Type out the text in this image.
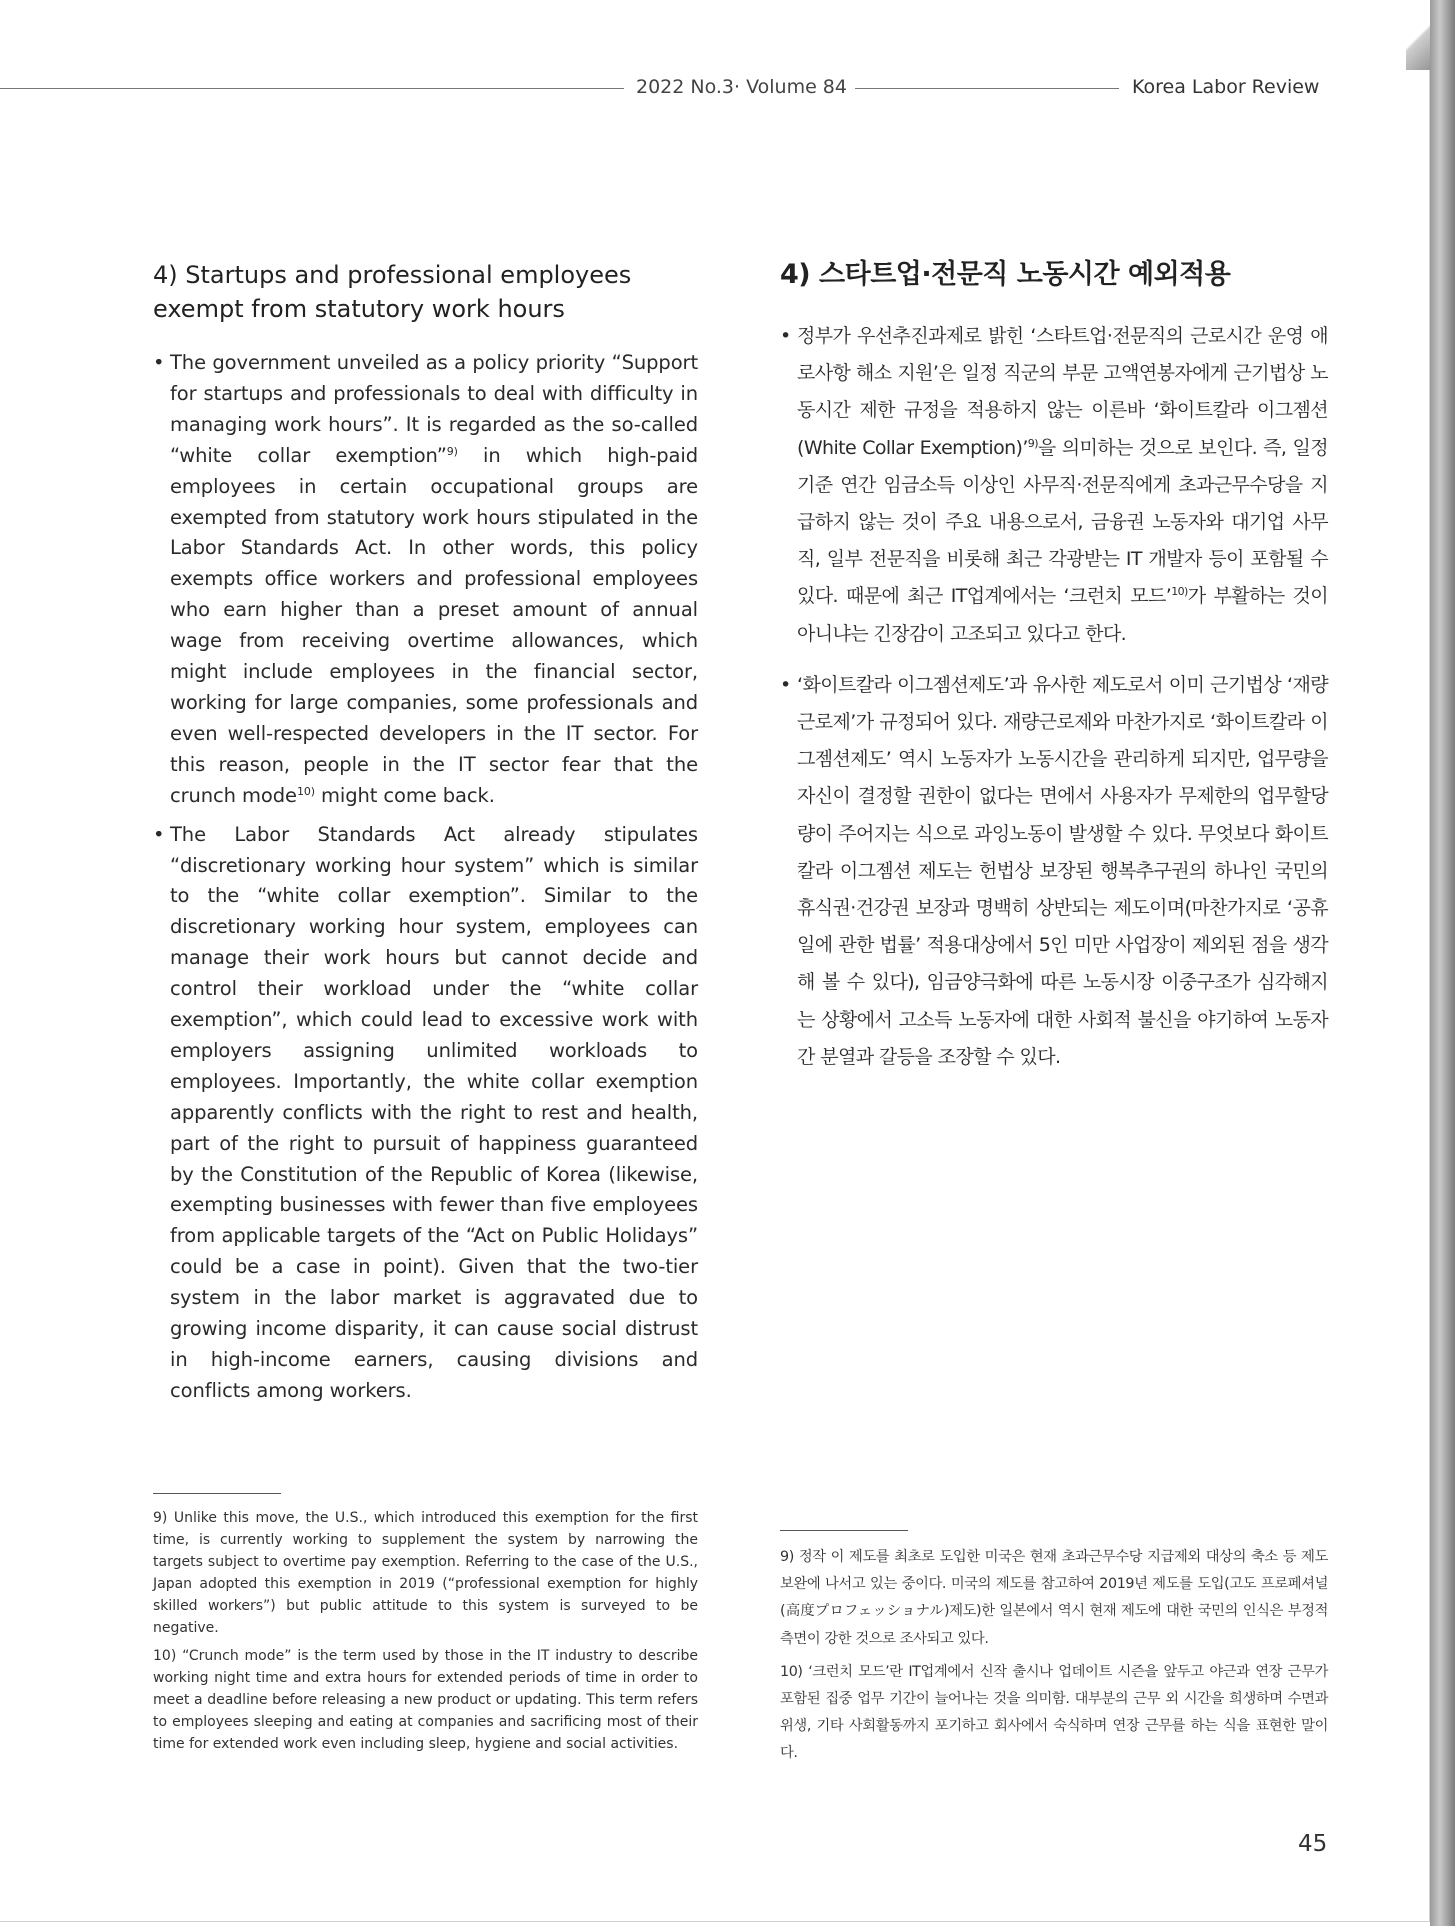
2022 No.3· Volume 84	Korea Labor Review
4) Startups and professional employees exempt from statutory work hours
• The government unveiled as a policy priority “Support for startups and professionals to deal with difficulty in managing work hours”. It is regarded as the so-called “white collar exemption”$^{9)}$ in which high-paid employees in certain occupational groups are exempted from statutory work hours stipulated in the Labor Standards Act. In other words, this policy exempts office workers and professional employees who earn higher than a preset amount of annual wage from receiving overtime allowances, which might include employees in the financial sector, working for large companies, some professionals and even well-respected developers in the IT sector. For this reason, people in the IT sector fear that the crunch mode$^{10)}$ might come back.
• The Labor Standards Act already stipulates “discretionary working hour system” which is similar to the “white collar exemption”. Similar to the discretionary working hour system, employees can manage their work hours but cannot decide and control their workload under the “white collar exemption”, which could lead to excessive work with employers assigning unlimited workloads to employees. Importantly, the white collar exemption apparently conflicts with the right to rest and health, part of the right to pursuit of happiness guaranteed by the Constitution of the Republic of Korea (likewise, exempting businesses with fewer than five employees from applicable targets of the “Act on Public Holidays” could be a case in point). Given that the two-tier system in the labor market is aggravated due to growing income disparity, it can cause social distrust in high-income earners, causing divisions and conflicts among workers.
4) 스타트업·전문직 노동시간 예외적용
• 정부가 우선추진과제로 밝힌 ‘스타트업·전문직의 근로시간 운영 애로사항 해소 지원’은 일정 직군의 부문 고액연봉자에게 근기법상 노동시간 제한 규정을 적용하지 않는 이른바 ‘화이트칼라 이그젬션(White Collar Exemption)’$^{9)}$을 의미하는 것으로 보인다. 즉, 일정 기준 연간 임금소득 이상인 사무직·전문직에게 초과근무수당을 지급하지 않는 것이 주요 내용으로서, 금융권 노동자와 대기업 사무직, 일부 전문직을 비롯해 최근 각광받는 IT 개발자 등이 포함될 수 있다. 때문에 최근 IT업계에서는 ‘크런치 모드’$^{10)}$가 부활하는 것이 아니냐는 긴장감이 고조되고 있다고 한다.
• ‘화이트칼라 이그젬션제도’과 유사한 제도로서 이미 근기법상 ‘재량근로제’가 규정되어 있다. 재량근로제와 마찬가지로 ‘화이트칼라 이그젬션제도’ 역시 노동자가 노동시간을 관리하게 되지만, 업무량을 자신이 결정할 권한이 없다는 면에서 사용자가 무제한의 업무할당량이 주어지는 식으로 과잉노동이 발생할 수 있다. 무엇보다 화이트칼라 이그젬션 제도는 헌법상 보장된 행복추구권의 하나인 국민의 휴식권·건강권 보장과 명백히 상반되는 제도이며(마찬가지로 ‘공휴일에 관한 법률’ 적용대상에서 5인 미만 사업장이 제외된 점을 생각해 볼 수 있다), 임금양극화에 따른 노동시장 이중구조가 심각해지는 상황에서 고소득 노동자에 대한 사회적 불신을 야기하여 노동자간 분열과 갈등을 조장할 수 있다.

9) Unlike this move, the U.S., which introduced this exemption for the first time, is currently working to supplement the system by narrowing the targets subject to overtime pay exemption. Referring to the case of the U.S., Japan adopted this exemption in 2019 (“professional exemption for highly skilled workers”) but public attitude to this system is surveyed to be negative.

10) “Crunch mode” is the term used by those in the IT industry to describe working night time and extra hours for extended periods of time in order to meet a deadline before releasing a new product or updating. This term refers to employees sleeping and eating at companies and sacrificing most of their time for extended work even including sleep, hygiene and social activities.

9) 정작 이 제도를 최초로 도입한 미국은 현재 초과근무수당 지급제외 대상의 축소 등 제도보완에 나서고 있는 중이다. 미국의 제도를 참고하여 2019년 제도를 도입(고도 프로페셔널(高度プロフェッショナル)제도)한 일본에서 역시 현재 제도에 대한 국민의 인식은 부정적 측면이 강한 것으로 조사되고 있다.

10) ‘크런치 모드’란 IT업계에서 신작 출시나 업데이트 시즌을 앞두고 야근과 연장 근무가 포함된 집중 업무 기간이 늘어나는 것을 의미함. 대부분의 근무 외 시간을 희생하며 수면과 위생, 기타 사회활동까지 포기하고 회사에서 숙식하며 연장 근무를 하는 식을 표현한 말이다.

45
